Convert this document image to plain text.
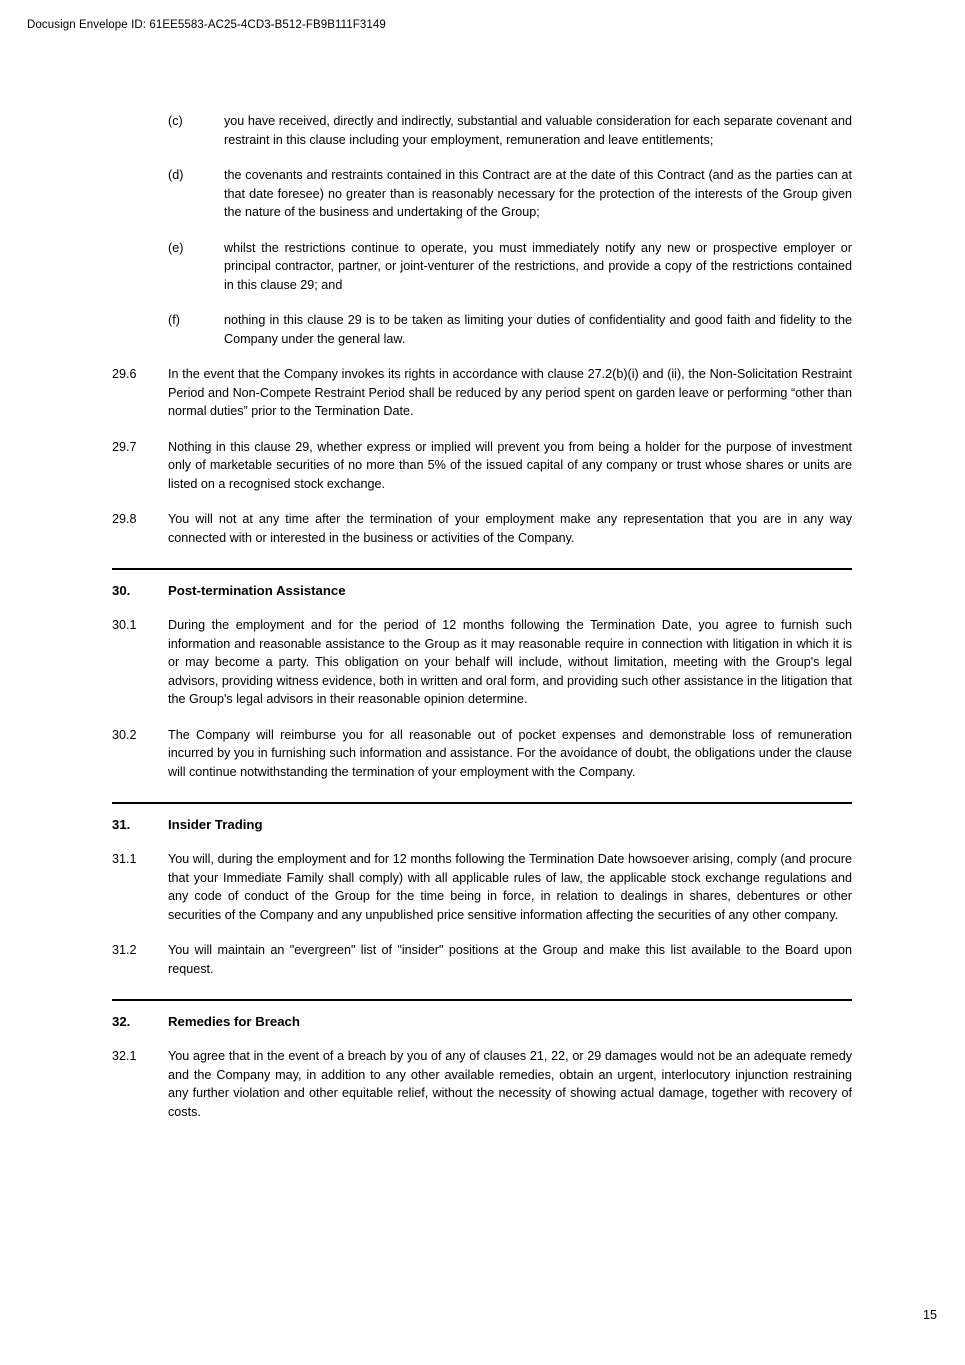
Docusign Envelope ID: 61EE5583-AC25-4CD3-B512-FB9B111F3149
(c)	you have received, directly and indirectly, substantial and valuable consideration for each separate covenant and restraint in this clause including your employment, remuneration and leave entitlements;
(d)	the covenants and restraints contained in this Contract are at the date of this Contract (and as the parties can at that date foresee) no greater than is reasonably necessary for the protection of the interests of the Group given the nature of the business and undertaking of the Group;
(e)	whilst the restrictions continue to operate, you must immediately notify any new or prospective employer or principal contractor, partner, or joint-venturer of the restrictions, and provide a copy of the restrictions contained in this clause 29; and
(f)	nothing in this clause 29 is to be taken as limiting your duties of confidentiality and good faith and fidelity to the Company under the general law.
29.6	In the event that the Company invokes its rights in accordance with clause 27.2(b)(i) and (ii), the Non-Solicitation Restraint Period and Non-Compete Restraint Period shall be reduced by any period spent on garden leave or performing “other than normal duties” prior to the Termination Date.
29.7	Nothing in this clause 29, whether express or implied will prevent you from being a holder for the purpose of investment only of marketable securities of no more than 5% of the issued capital of any company or trust whose shares or units are listed on a recognised stock exchange.
29.8	You will not at any time after the termination of your employment make any representation that you are in any way connected with or interested in the business or activities of the Company.
30.	Post-termination Assistance
30.1	During the employment and for the period of 12 months following the Termination Date, you agree to furnish such information and reasonable assistance to the Group as it may reasonable require in connection with litigation in which it is or may become a party. This obligation on your behalf will include, without limitation, meeting with the Group's legal advisors, providing witness evidence, both in written and oral form, and providing such other assistance in the litigation that the Group's legal advisors in their reasonable opinion determine.
30.2	The Company will reimburse you for all reasonable out of pocket expenses and demonstrable loss of remuneration incurred by you in furnishing such information and assistance. For the avoidance of doubt, the obligations under the clause will continue notwithstanding the termination of your employment with the Company.
31.	Insider Trading
31.1	You will, during the employment and for 12 months following the Termination Date howsoever arising, comply (and procure that your Immediate Family shall comply) with all applicable rules of law, the applicable stock exchange regulations and any code of conduct of the Group for the time being in force, in relation to dealings in shares, debentures or other securities of the Company and any unpublished price sensitive information affecting the securities of any other company.
31.2	You will maintain an "evergreen" list of "insider" positions at the Group and make this list available to the Board upon request.
32.	Remedies for Breach
32.1	You agree that in the event of a breach by you of any of clauses 21, 22, or 29 damages would not be an adequate remedy and the Company may, in addition to any other available remedies, obtain an urgent, interlocutory injunction restraining any further violation and other equitable relief, without the necessity of showing actual damage, together with recovery of costs.
15
